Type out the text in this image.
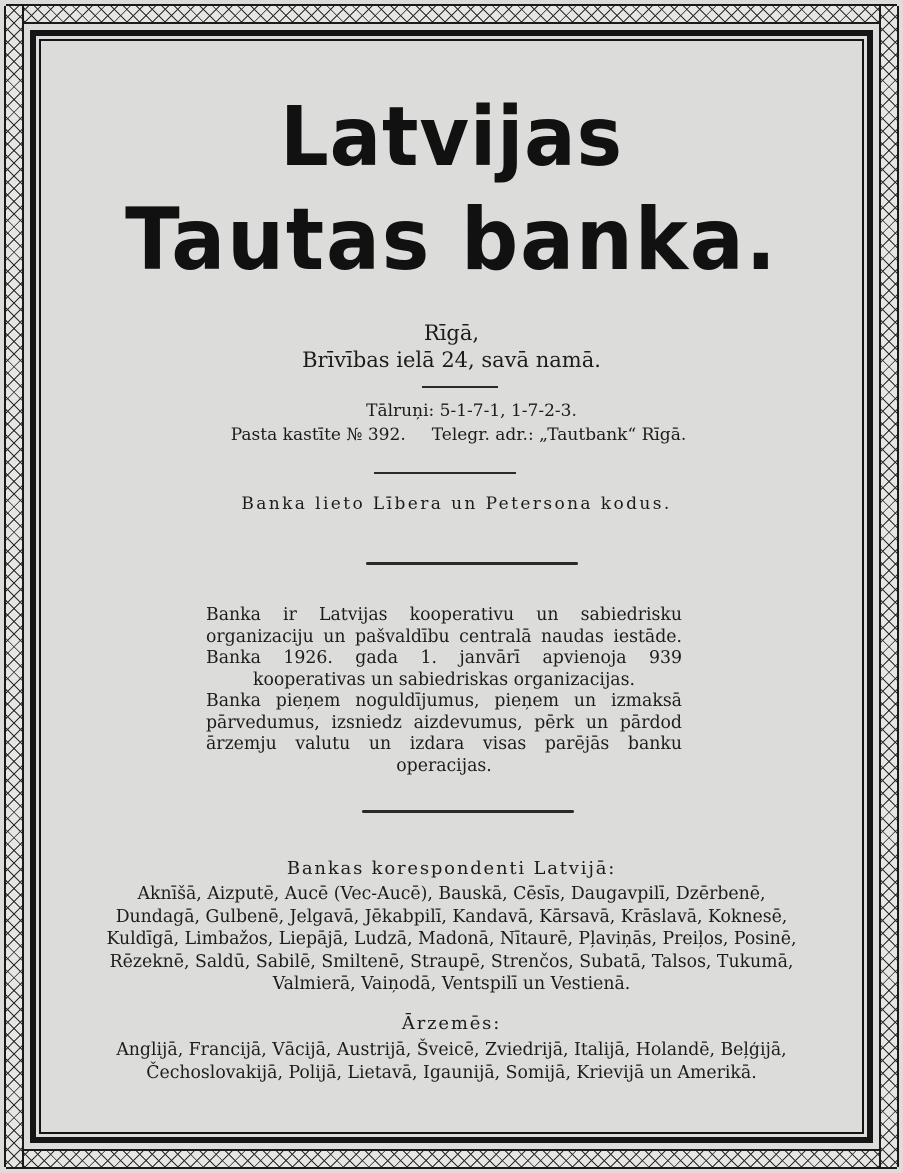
Latvijas
Tautas banka.
Rīgā,
Brīvības ielā 24, savā namā.
Tālruņi: 5-1-7-1, 1-7-2-3.
Pasta kastīte № 392. Telegr. adr.: „Tautbank“ Rīgā.
Banka lieto Lībera un Petersona kodus.

Banka ir Latvijas kooperativu un sabiedrisku organizaciju un pašvaldību centralā naudas iestāde. Banka 1926. gada 1. janvārī apvienoja 939 kooperativas un sabiedriskas organizacijas.

Banka pieņem noguldījumus, pieņem un izmaksā pārvedumus, izsniedz aizdevumus, pērk un pārdod ārzemju valutu un izdara visas parējās banku operacijas.

Bankas korespondenti Latvijā:
Aknīšā, Aizputē, Aucē (Vec-Aucē), Bauskā, Cēsīs, Daugavpilī, Dzērbenē, Dundagā, Gulbenē, Jelgavā, Jēkabpilī, Kandavā, Kārsavā, Krāslavā, Koknesē, Kuldīgā, Limbažos, Liepājā, Ludzā, Madonā, Nītaurē, Pļaviņās, Preiļos, Posinē, Rēzeknē, Saldū, Sabilē, Smiltenē, Straupē, Strenčos, Subatā, Talsos, Tukumā, Valmierā, Vaiņodā, Ventspilī un Vestienā.
Ārzemēs:
Anglijā, Francijā, Vācijā, Austrijā, Šveicē, Zviedrijā, Italijā, Holandē, Beļģijā, Čechoslovakijā, Polijā, Lietavā, Igaunijā, Somijā, Krievijā un Amerikā.
